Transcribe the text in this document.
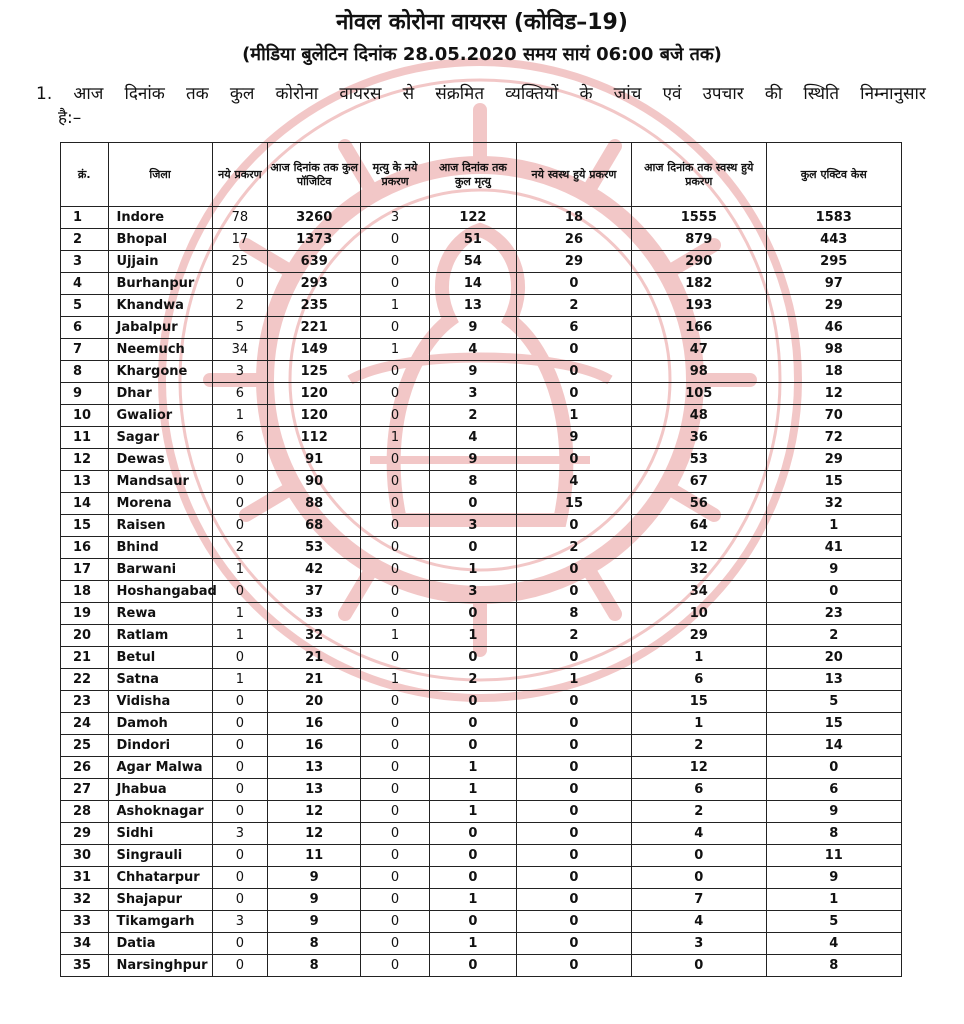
नोवल कोरोना वायरस (कोविड–19)
(मीडिया बुलेटिन दिनांक 28.05.2020 समय सायं 06:00 बजे तक)
1. आज दिनांक तक कुल कोरोना वायरस से संक्रमित व्यक्तियों के जांच एवं उपचार की स्थिति निम्नानुसार
है:–
क्रं.	जिला	नये प्रकरण	आज दिनांक तक कुल पॉजिटिव	मृत्यु के नये प्रकरण	आज दिनांक तक कुल मृत्यु	नये स्वस्थ हुये प्रकरण	आज दिनांक तक स्वस्थ हुये प्रकरण	कुल एक्टिव केस
1	Indore	78	3260	3	122	18	1555	1583
2	Bhopal	17	1373	0	51	26	879	443
3	Ujjain	25	639	0	54	29	290	295
4	Burhanpur	0	293	0	14	0	182	97
5	Khandwa	2	235	1	13	2	193	29
6	Jabalpur	5	221	0	9	6	166	46
7	Neemuch	34	149	1	4	0	47	98
8	Khargone	3	125	0	9	0	98	18
9	Dhar	6	120	0	3	0	105	12
10	Gwalior	1	120	0	2	1	48	70
11	Sagar	6	112	1	4	9	36	72
12	Dewas	0	91	0	9	0	53	29
13	Mandsaur	0	90	0	8	4	67	15
14	Morena	0	88	0	0	15	56	32
15	Raisen	0	68	0	3	0	64	1
16	Bhind	2	53	0	0	2	12	41
17	Barwani	1	42	0	1	0	32	9
18	Hoshangabad	0	37	0	3	0	34	0
19	Rewa	1	33	0	0	8	10	23
20	Ratlam	1	32	1	1	2	29	2
21	Betul	0	21	0	0	0	1	20
22	Satna	1	21	1	2	1	6	13
23	Vidisha	0	20	0	0	0	15	5
24	Damoh	0	16	0	0	0	1	15
25	Dindori	0	16	0	0	0	2	14
26	Agar Malwa	0	13	0	1	0	12	0
27	Jhabua	0	13	0	1	0	6	6
28	Ashoknagar	0	12	0	1	0	2	9
29	Sidhi	3	12	0	0	0	4	8
30	Singrauli	0	11	0	0	0	0	11
31	Chhatarpur	0	9	0	0	0	0	9
32	Shajapur	0	9	0	1	0	7	1
33	Tikamgarh	3	9	0	0	0	4	5
34	Datia	0	8	0	1	0	3	4
35	Narsinghpur	0	8	0	0	0	0	8
